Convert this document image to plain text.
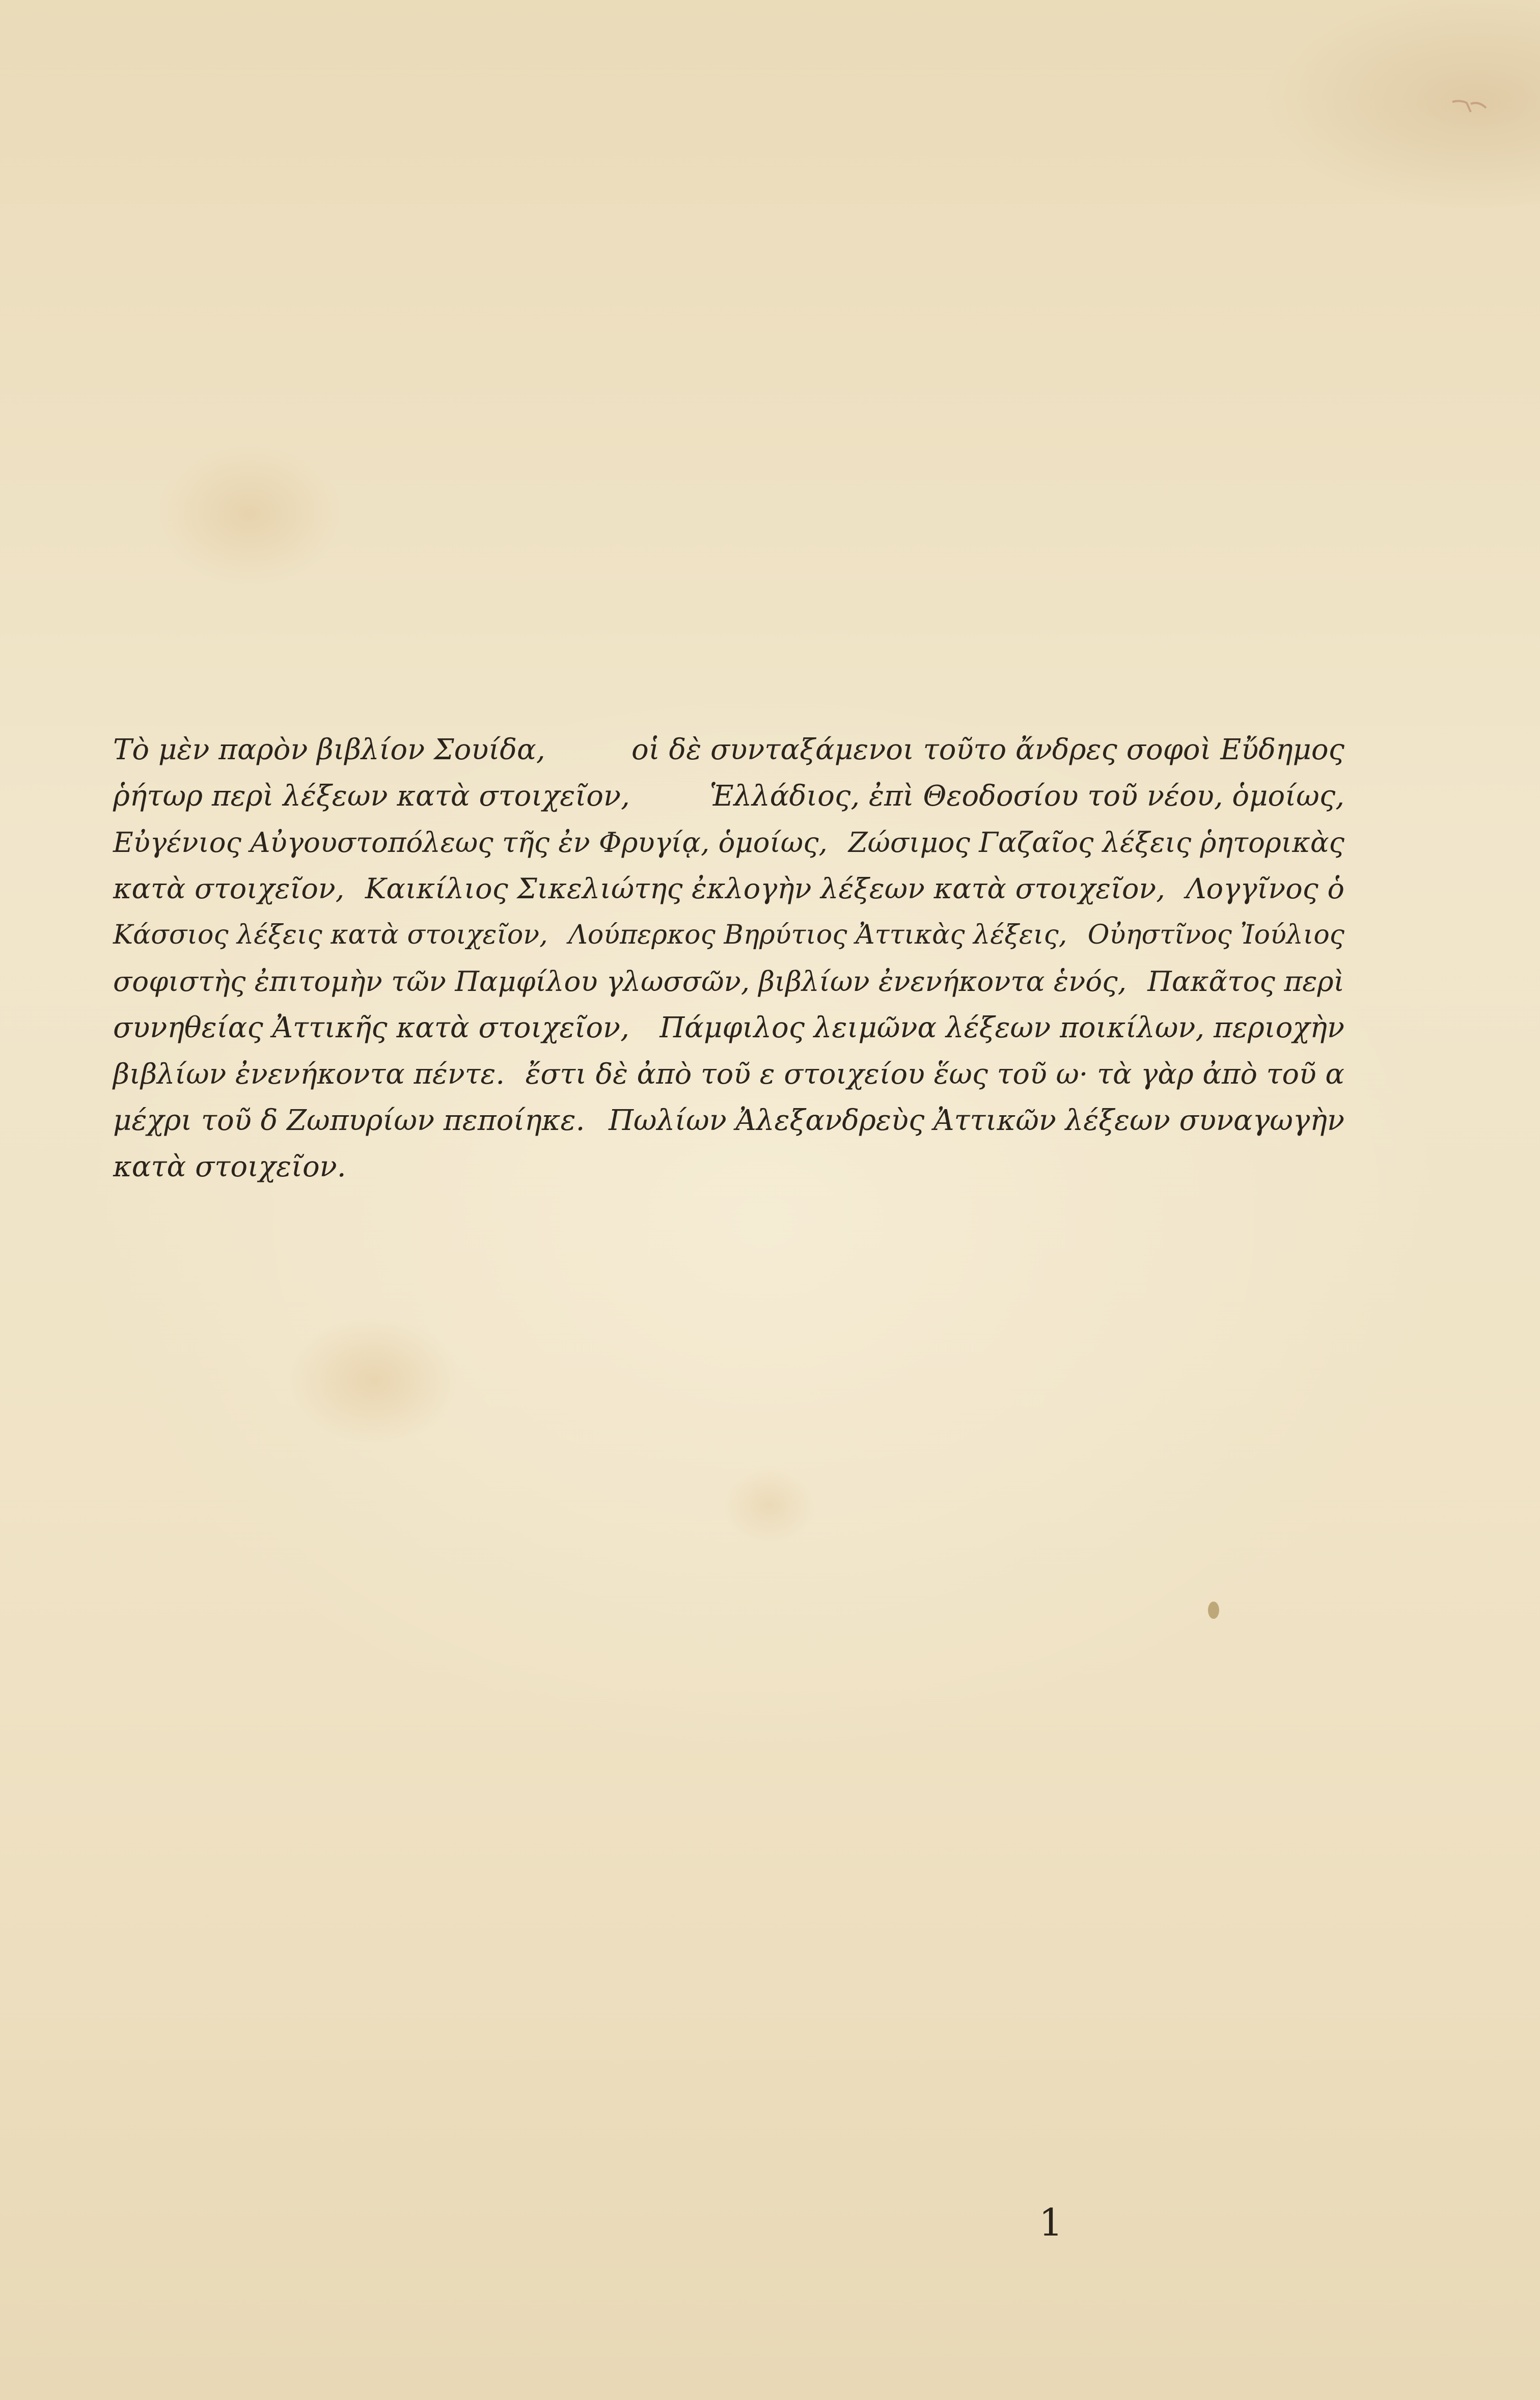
Τὸ μὲν παρὸν βιβλίον Σουίδα,	οἱ δὲ συνταξάμενοι τοῦτο ἄνδρες σοφοὶ Εὔδημος
ῥήτωρ περὶ λέξεων κατὰ στοιχεῖον,	Ἑλλάδιος, ἐπὶ Θεοδοσίου τοῦ νέου, ὁμοίως,
Εὐγένιος Αὐγουστοπόλεως τῆς ἐν Φρυγίᾳ, ὁμοίως, Ζώσιμος Γαζαῖος λέξεις ῥητορικὰς
κατὰ στοιχεῖον, Καικίλιος Σικελιώτης ἐκλογὴν λέξεων κατὰ στοιχεῖον, Λογγῖνος ὁ
Κάσσιος λέξεις κατὰ στοιχεῖον, Λούπερκος Βηρύτιος Ἀττικὰς λέξεις, Οὐηστῖνος Ἰούλιος
σοφιστὴς ἐπιτομὴν τῶν Παμφίλου γλωσσῶν, βιβλίων ἐνενήκοντα ἑνός, Πακᾶτος περὶ
συνηθείας Ἀττικῆς κατὰ στοιχεῖον, Πάμφιλος λειμῶνα λέξεων ποικίλων, περιοχὴν
βιβλίων ἐνενήκοντα πέντε. ἔστι δὲ ἀπὸ τοῦ ε στοιχείου ἕως τοῦ ω· τὰ γὰρ ἀπὸ τοῦ α
μέχρι τοῦ δ Ζωπυρίων πεποίηκε. Πωλίων Ἀλεξανδρεὺς Ἀττικῶν λέξεων συναγωγὴν
κατὰ στοιχεῖον.
1
